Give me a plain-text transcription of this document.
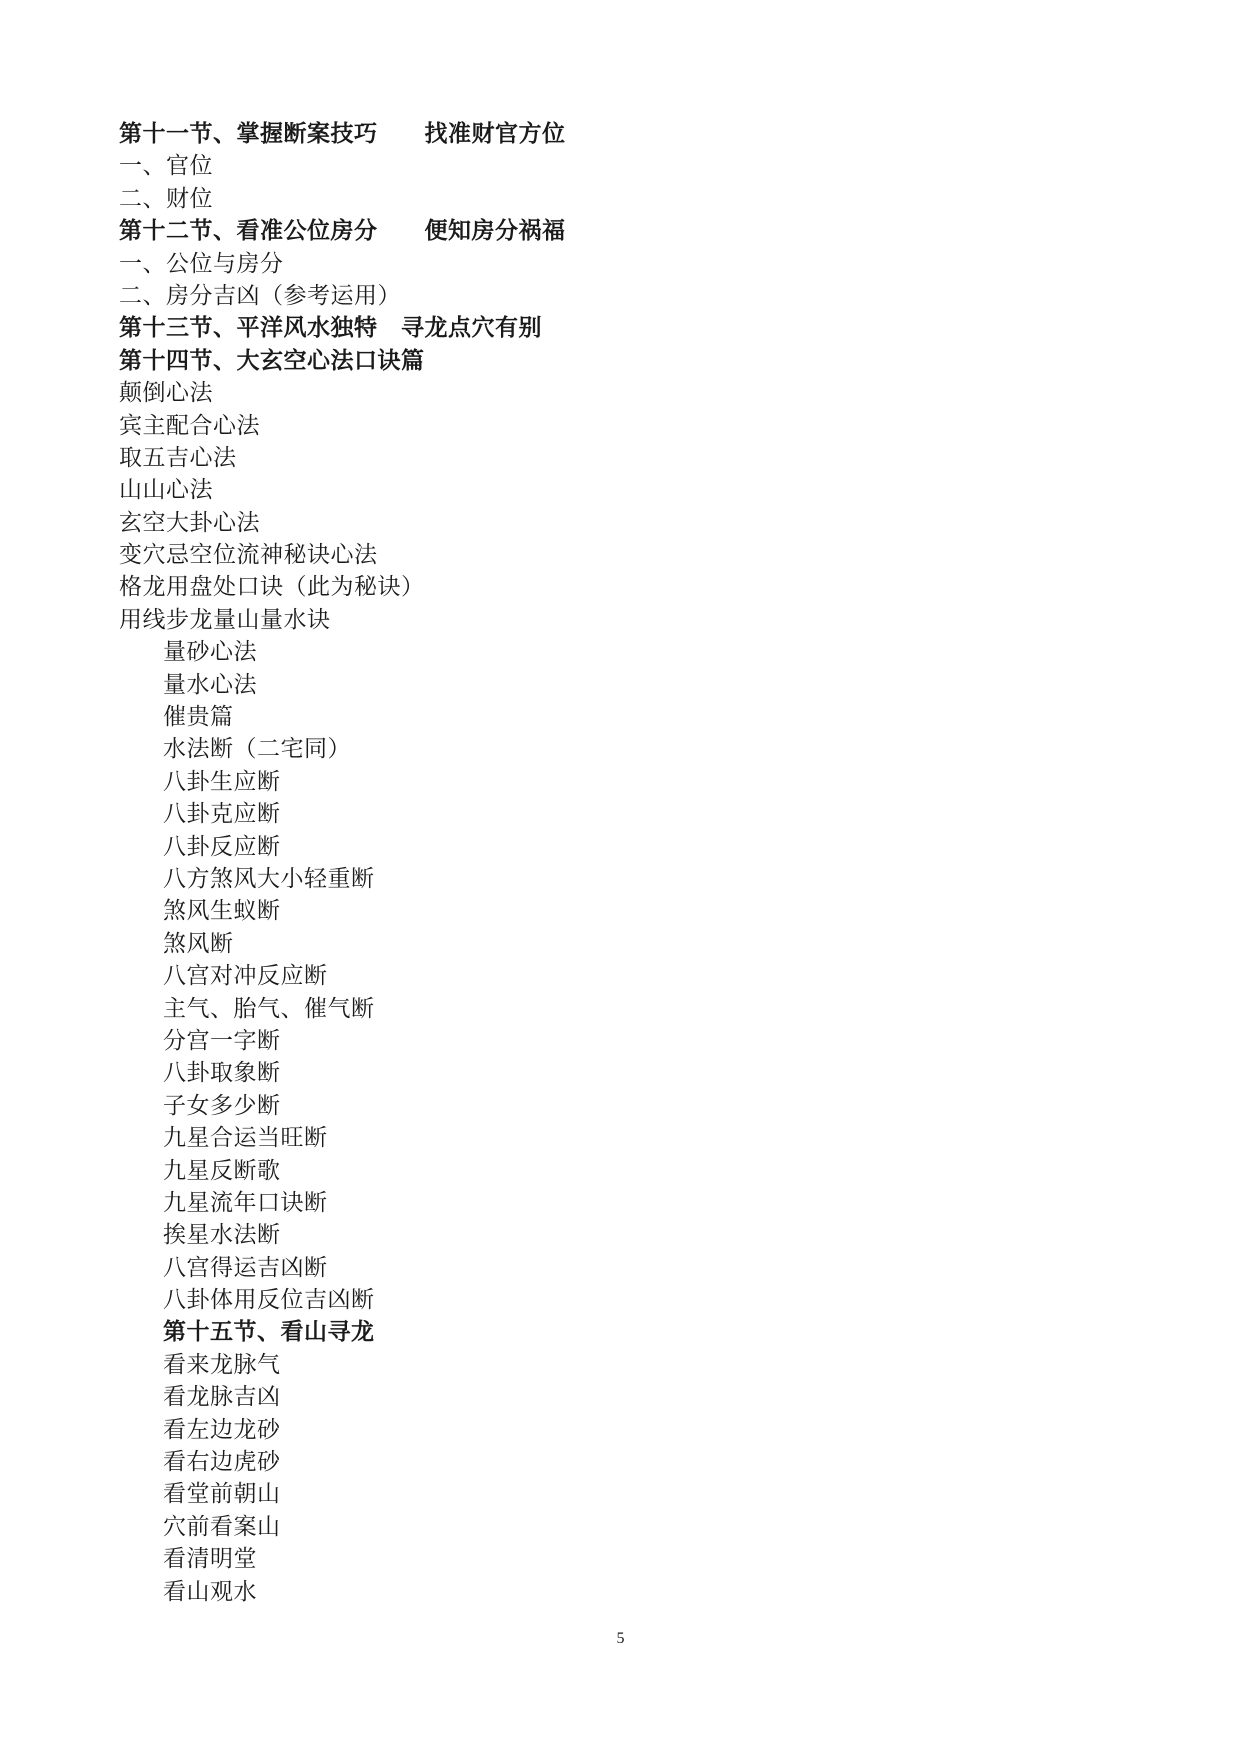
第十一节、掌握断案技巧　　找准财官方位
一、官位
二、财位
第十二节、看准公位房分　　便知房分祸福
一、公位与房分
二、房分吉凶（参考运用）
第十三节、平洋风水独特　寻龙点穴有别
第十四节、大玄空心法口诀篇
颠倒心法
宾主配合心法
取五吉心法
山山心法
玄空大卦心法
变穴忌空位流神秘诀心法
格龙用盘处口诀（此为秘诀）
用线步龙量山量水诀
量砂心法
量水心法
催贵篇
水法断（二宅同）
八卦生应断
八卦克应断
八卦反应断
八方煞风大小轻重断
煞风生蚁断
煞风断
八宫对冲反应断
主气、胎气、催气断
分宫一字断
八卦取象断
子女多少断
九星合运当旺断
九星反断歌
九星流年口诀断
挨星水法断
八宫得运吉凶断
八卦体用反位吉凶断
第十五节、看山寻龙
看来龙脉气
看龙脉吉凶
看左边龙砂
看右边虎砂
看堂前朝山
穴前看案山
看清明堂
看山观水
5
